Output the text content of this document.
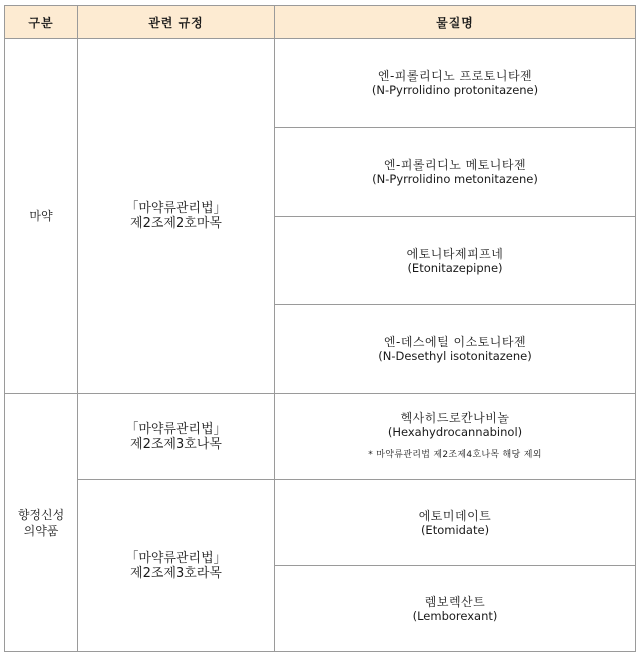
구분	관련 규정	물질명
마약	「마약류관리법」
제2조제2호마목	엔-피롤리디노 프로토니타젠
(N-Pyrrolidino protonitazene)

		엔-피롤리디노 메토니타젠
(N-Pyrrolidino metonitazene)

		에토니타제피프네
(Etonitazepipne)

		엔-데스에틸 이소토니타젠
(N-Desethyl isotonitazene)

향정신성
의약품	「마약류관리법」
제2조제3호나목	헥사히드로칸나비놀
(Hexahydrocannabinol)
* 마약류관리법 제2조제4호나목 해당 제외

	「마약류관리법」
제2조제3호라목	에토미데이트
(Etomidate)

		렘보렉산트
(Lemborexant)
